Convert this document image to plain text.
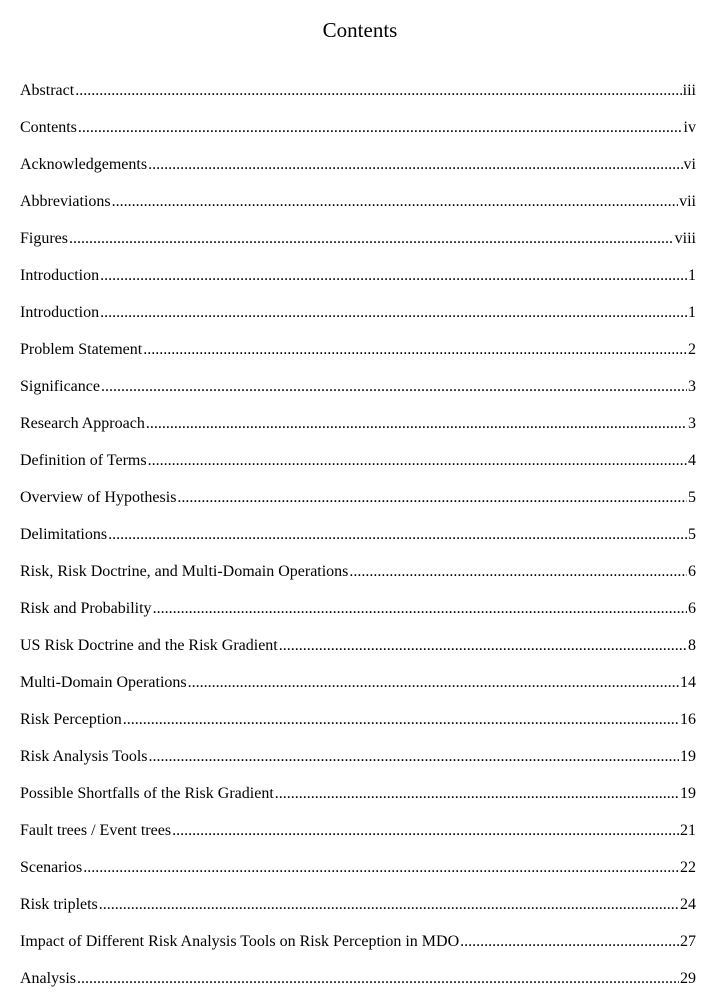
Contents
Abstract .....	iii
Contents .....	iv
Acknowledgements .....	vi
Abbreviations .....	vii
Figures .....	viii
Introduction .....	1
Introduction .....	1
Problem Statement .....	2
Significance .....	3
Research Approach .....	3
Definition of Terms .....	4
Overview of Hypothesis .....	5
Delimitations .....	5
Risk, Risk Doctrine, and Multi-Domain Operations .....	6
Risk and Probability .....	6
US Risk Doctrine and the Risk Gradient .....	8
Multi-Domain Operations .....	14
Risk Perception .....	16
Risk Analysis Tools .....	19
Possible Shortfalls of the Risk Gradient .....	19
Fault trees / Event trees .....	21
Scenarios .....	22
Risk triplets .....	24
Impact of Different Risk Analysis Tools on Risk Perception in MDO .....	27
Analysis .....	29
